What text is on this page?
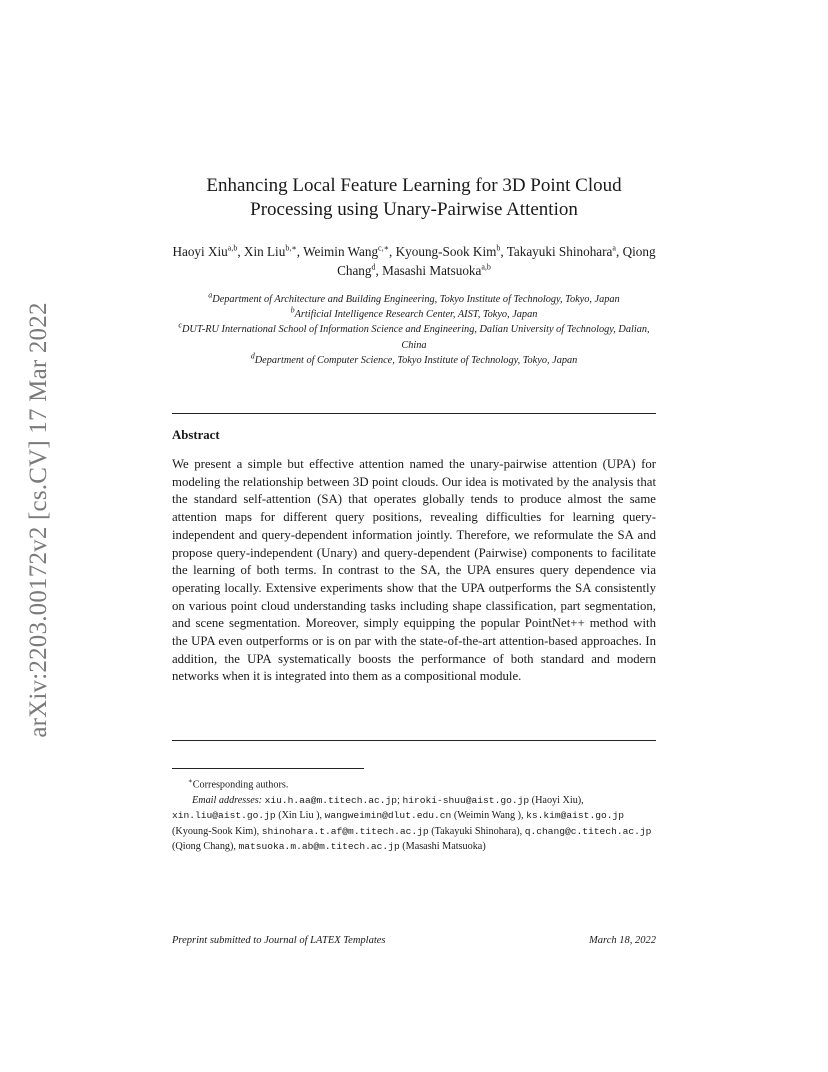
arXiv:2203.00172v2 [cs.CV] 17 Mar 2022
Enhancing Local Feature Learning for 3D Point Cloud
Processing using Unary-Pairwise Attention
Haoyi Xiu$^{a,b}$, Xin Liu$^{b,∗}$, Weimin Wang$^{c,∗}$, Kyoung-Sook Kim$^b$, Takayuki Shinohara$^a$, Qiong Chang$^d$, Masashi Matsuoka$^{a,b}$
$^a$Department of Architecture and Building Engineering, Tokyo Institute of Technology, Tokyo, Japan
$^b$Artificial Intelligence Research Center, AIST, Tokyo, Japan
$^c$DUT-RU International School of Information Science and Engineering, Dalian University of Technology, Dalian, China
$^d$Department of Computer Science, Tokyo Institute of Technology, Tokyo, Japan
Abstract
We present a simple but effective attention named the unary-pairwise attention (UPA) for modeling the relationship between 3D point clouds. Our idea is motivated by the analysis that the standard self-attention (SA) that operates globally tends to produce almost the same attention maps for different query positions, revealing difficulties for learning query-independent and query-dependent information jointly. Therefore, we reformulate the SA and propose query-independent (Unary) and query-dependent (Pairwise) components to facilitate the learning of both terms. In contrast to the SA, the UPA ensures query dependence via operating locally. Extensive experiments show that the UPA outperforms the SA consistently on various point cloud understanding tasks including shape classification, part segmentation, and scene segmentation. Moreover, simply equipping the popular PointNet++ method with the UPA even outperforms or is on par with the state-of-the-art attention-based approaches. In addition, the UPA systematically boosts the performance of both standard and modern networks when it is integrated into them as a compositional module.
∗Corresponding authors.
Email addresses: xiu.h.aa@m.titech.ac.jp; hiroki-shuu@aist.go.jp (Haoyi Xiu), xin.liu@aist.go.jp (Xin Liu ), wangweimin@dlut.edu.cn (Weimin Wang ), ks.kim@aist.go.jp (Kyoung-Sook Kim), shinohara.t.af@m.titech.ac.jp (Takayuki Shinohara), q.chang@c.titech.ac.jp (Qiong Chang), matsuoka.m.ab@m.titech.ac.jp (Masashi Matsuoka)
Preprint submitted to Journal of LATEX Templates	March 18, 2022
